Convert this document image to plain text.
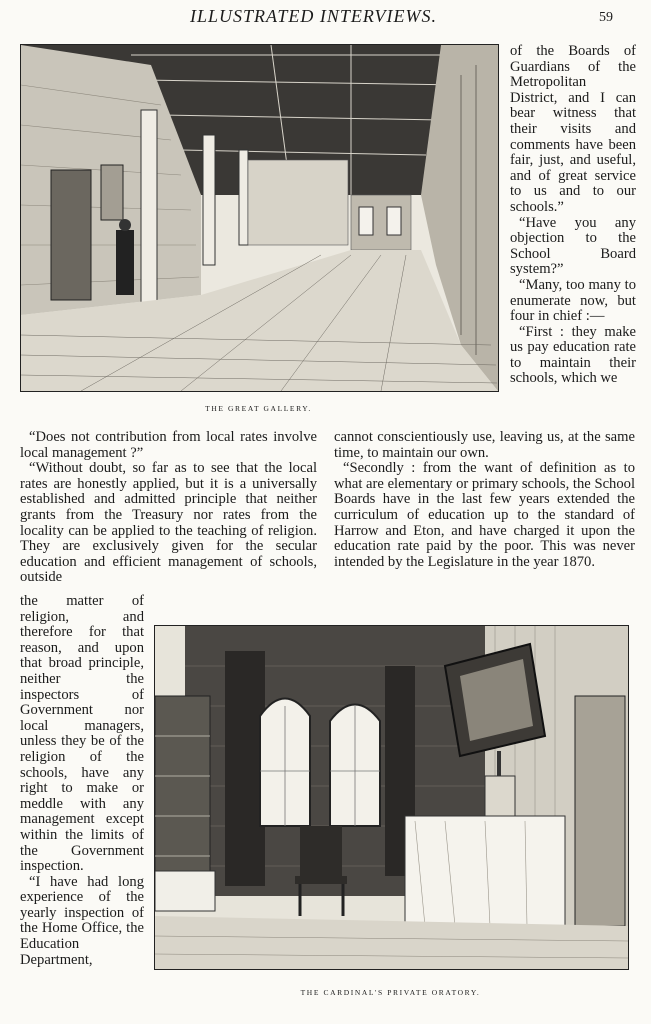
ILLUSTRATED INTERVIEWS.	59
THE GREAT GALLERY.

of the Boards of Guardians of the Metropolitan District, and I can bear witness that their visits and comments have been fair, just, and useful, and of great service to us and to our schools.”

“Have you any objection to the School Board system?”

“Many, too many to enumerate now, but four in chief :—

“First : they make us pay education rate to maintain their schools, which we

“Does not contribution from local rates involve local management ?”

“Without doubt, so far as to see that the local rates are honestly applied, but it is a universally established and admitted principle that neither grants from the Treasury nor rates from the locality can be applied to the teaching of religion. They are exclusively given for the secular education and efficient management of schools, outside

cannot conscientiously use, leaving us, at the same time, to maintain our own.

“Secondly : from the want of definition as to what are elementary or primary schools, the School Boards have in the last few years extended the curriculum of education up to the standard of Harrow and Eton, and have charged it upon the education rate paid by the poor. This was never intended by the Legislature in the year 1870.

the matter of religion, and therefore for that reason, and upon that broad principle, neither the inspectors of Government nor local managers, unless they be of the religion of the schools, have any right to make or meddle with any management except within the limits of the Government inspection.

“I have had long experience of the yearly inspection of the Home Office, the Education Department,

THE CARDINAL'S PRIVATE ORATORY.
